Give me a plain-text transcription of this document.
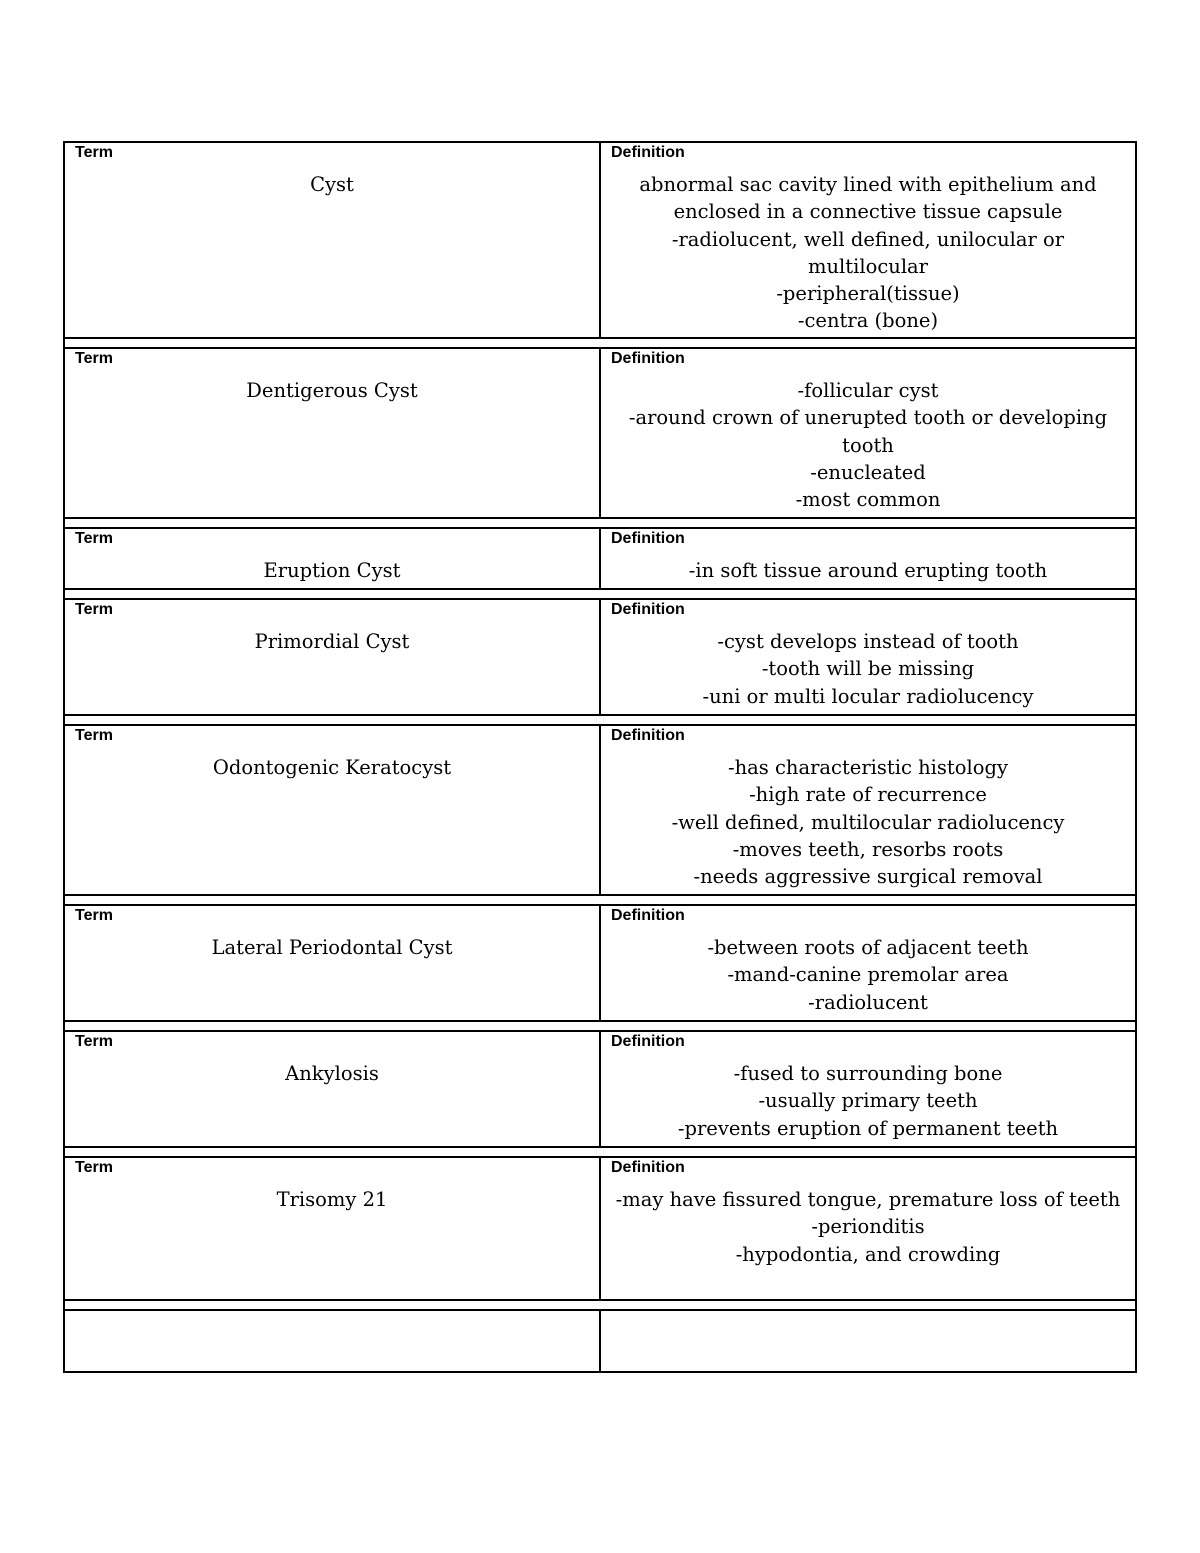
Term
Cyst
Definition
abnormal sac cavity lined with epithelium and enclosed in a connective tissue capsule
-radiolucent, well defined, unilocular or multilocular
-peripheral(tissue)
-centra (bone)
Term
Dentigerous Cyst
Definition
-follicular cyst
-around crown of unerupted tooth or developing tooth
-enucleated
-most common
Term
Eruption Cyst
Definition
-in soft tissue around erupting tooth
Term
Primordial Cyst
Definition
-cyst develops instead of tooth
-tooth will be missing
-uni or multi locular radiolucency
Term
Odontogenic Keratocyst
Definition
-has characteristic histology
-high rate of recurrence
-well defined, multilocular radiolucency
-moves teeth, resorbs roots
-needs aggressive surgical removal
Term
Lateral Periodontal Cyst
Definition
-between roots of adjacent teeth
-mand-canine premolar area
-radiolucent
Term
Ankylosis
Definition
-fused to surrounding bone
-usually primary teeth
-prevents eruption of permanent teeth
Term
Trisomy 21
Definition
-may have fissured tongue, premature loss of teeth
-perionditis
-hypodontia, and crowding
